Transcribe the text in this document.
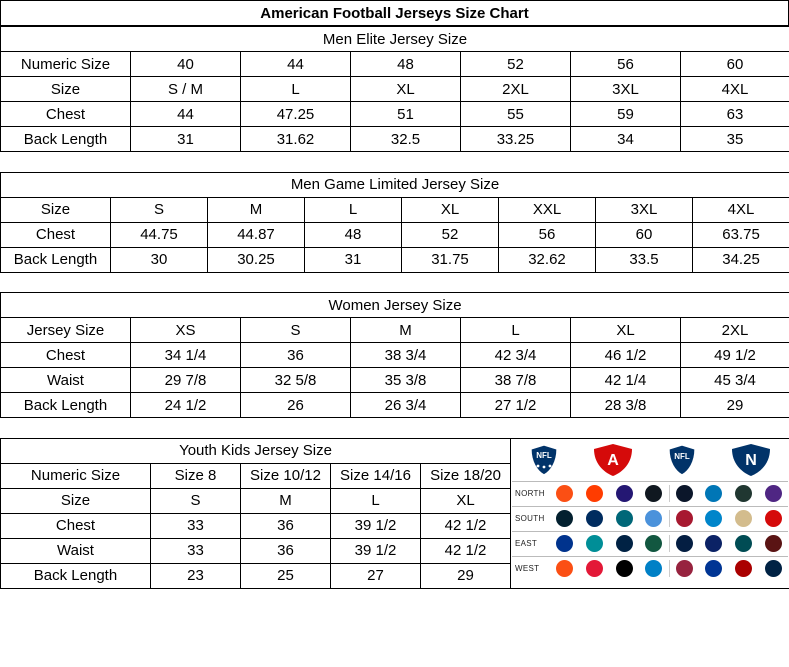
American Football Jerseys Size Chart
Men Elite Jersey Size						
Numeric Size	40	44	48	52	56	60
Size	S / M	L	XL	2XL	3XL	4XL
Chest	44	47.25	51	55	59	63
Back Length	31	31.62	32.5	33.25	34	35

Men Game Limited Jersey Size							
Size	S	M	L	XL	XXL	3XL	4XL
Chest	44.75	44.87	48	52	56	60	63.75
Back Length	30	30.25	31	31.75	32.62	33.5	34.25

Women Jersey Size						
Jersey Size	XS	S	M	L	XL	2XL
Chest	34 1/4	36	38 3/4	42 3/4	46 1/2	49 1/2
Waist	29 7/8	32 5/8	35 3/8	38 7/8	42 1/4	45 3/4
Back Length	24 1/2	26	26 3/4	27 1/2	28 3/8	29

Youth Kids Jersey Size	NFL	A	NFL	N
NORTH
SOUTH
EAST
WEST

Numeric Size	Size 8	Size 10/12	Size 14/16	Size 18/20	
Size	S	M	L	XL	
Chest	33	36	39 1/2	42 1/2	
Waist	33	36	39 1/2	42 1/2	
Back Length	23	25	27	29	
